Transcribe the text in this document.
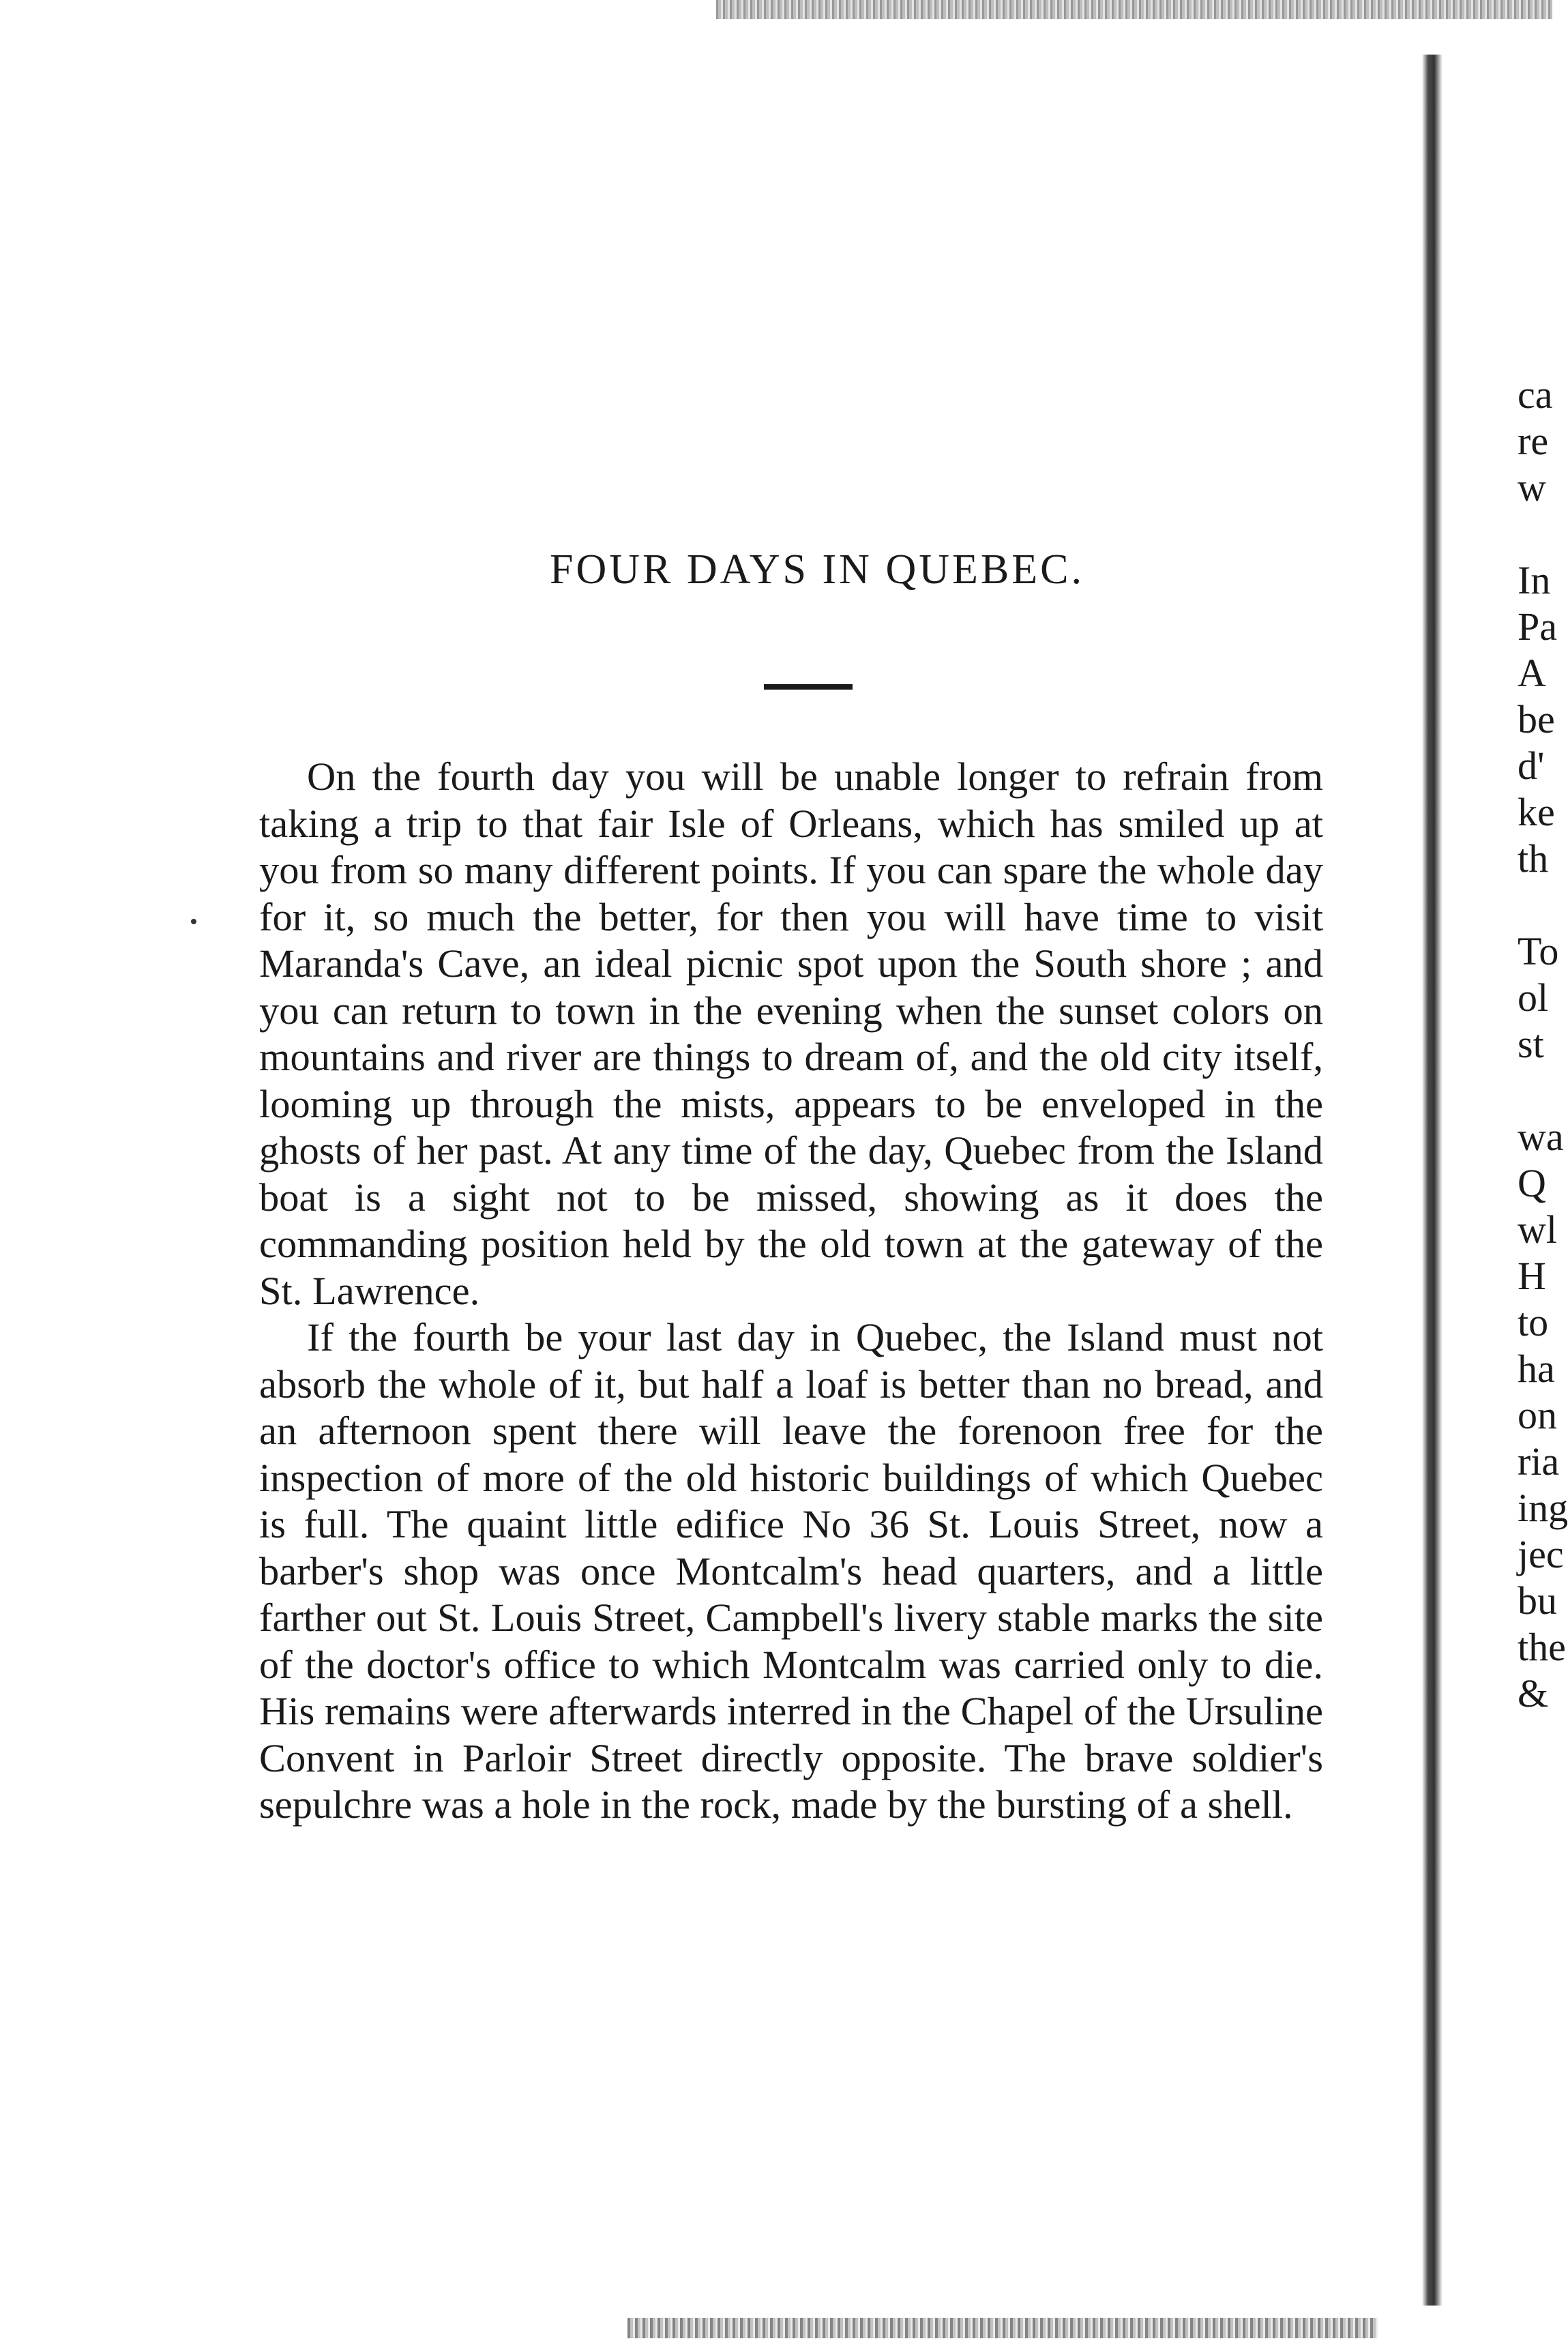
FOUR DAYS IN QUEBEC.

On the fourth day you will be unable longer to refrain from taking a trip to that fair Isle of Orleans, which has smiled up at you from so many different points. If you can spare the whole day for it, so much the better, for then you will have time to visit Maranda's Cave, an ideal picnic spot upon the South shore ; and you can return to town in the evening when the sunset colors on mountains and river are things to dream of, and the old city itself, looming up through the mists, appears to be enveloped in the ghosts of her past. At any time of the day, Quebec from the Island boat is a sight not to be missed, showing as it does the commanding position held by the old town at the gateway of the St. Lawrence.

If the fourth be your last day in Quebec, the Island must not absorb the whole of it, but half a loaf is better than no bread, and an afternoon spent there will leave the forenoon free for the inspection of more of the old historic buildings of which Quebec is full. The quaint little edifice No 36 St. Louis Street, now a barber's shop was once Montcalm's head quarters, and a little farther out St. Louis Street, Campbell's livery stable marks the site of the doctor's office to which Montcalm was carried only to die. His remains were afterwards interred in the Chapel of the Ursuline Convent in Parloir Street directly opposite. The brave soldier's sepulchre was a hole in the rock, made by the bursting of a shell.

ca
re
w
In
Pa
A
be
d'
ke
th
To
ol
st
wa
Q
wl
H
to
ha
on
ria
ing
jec
bu
the
&
